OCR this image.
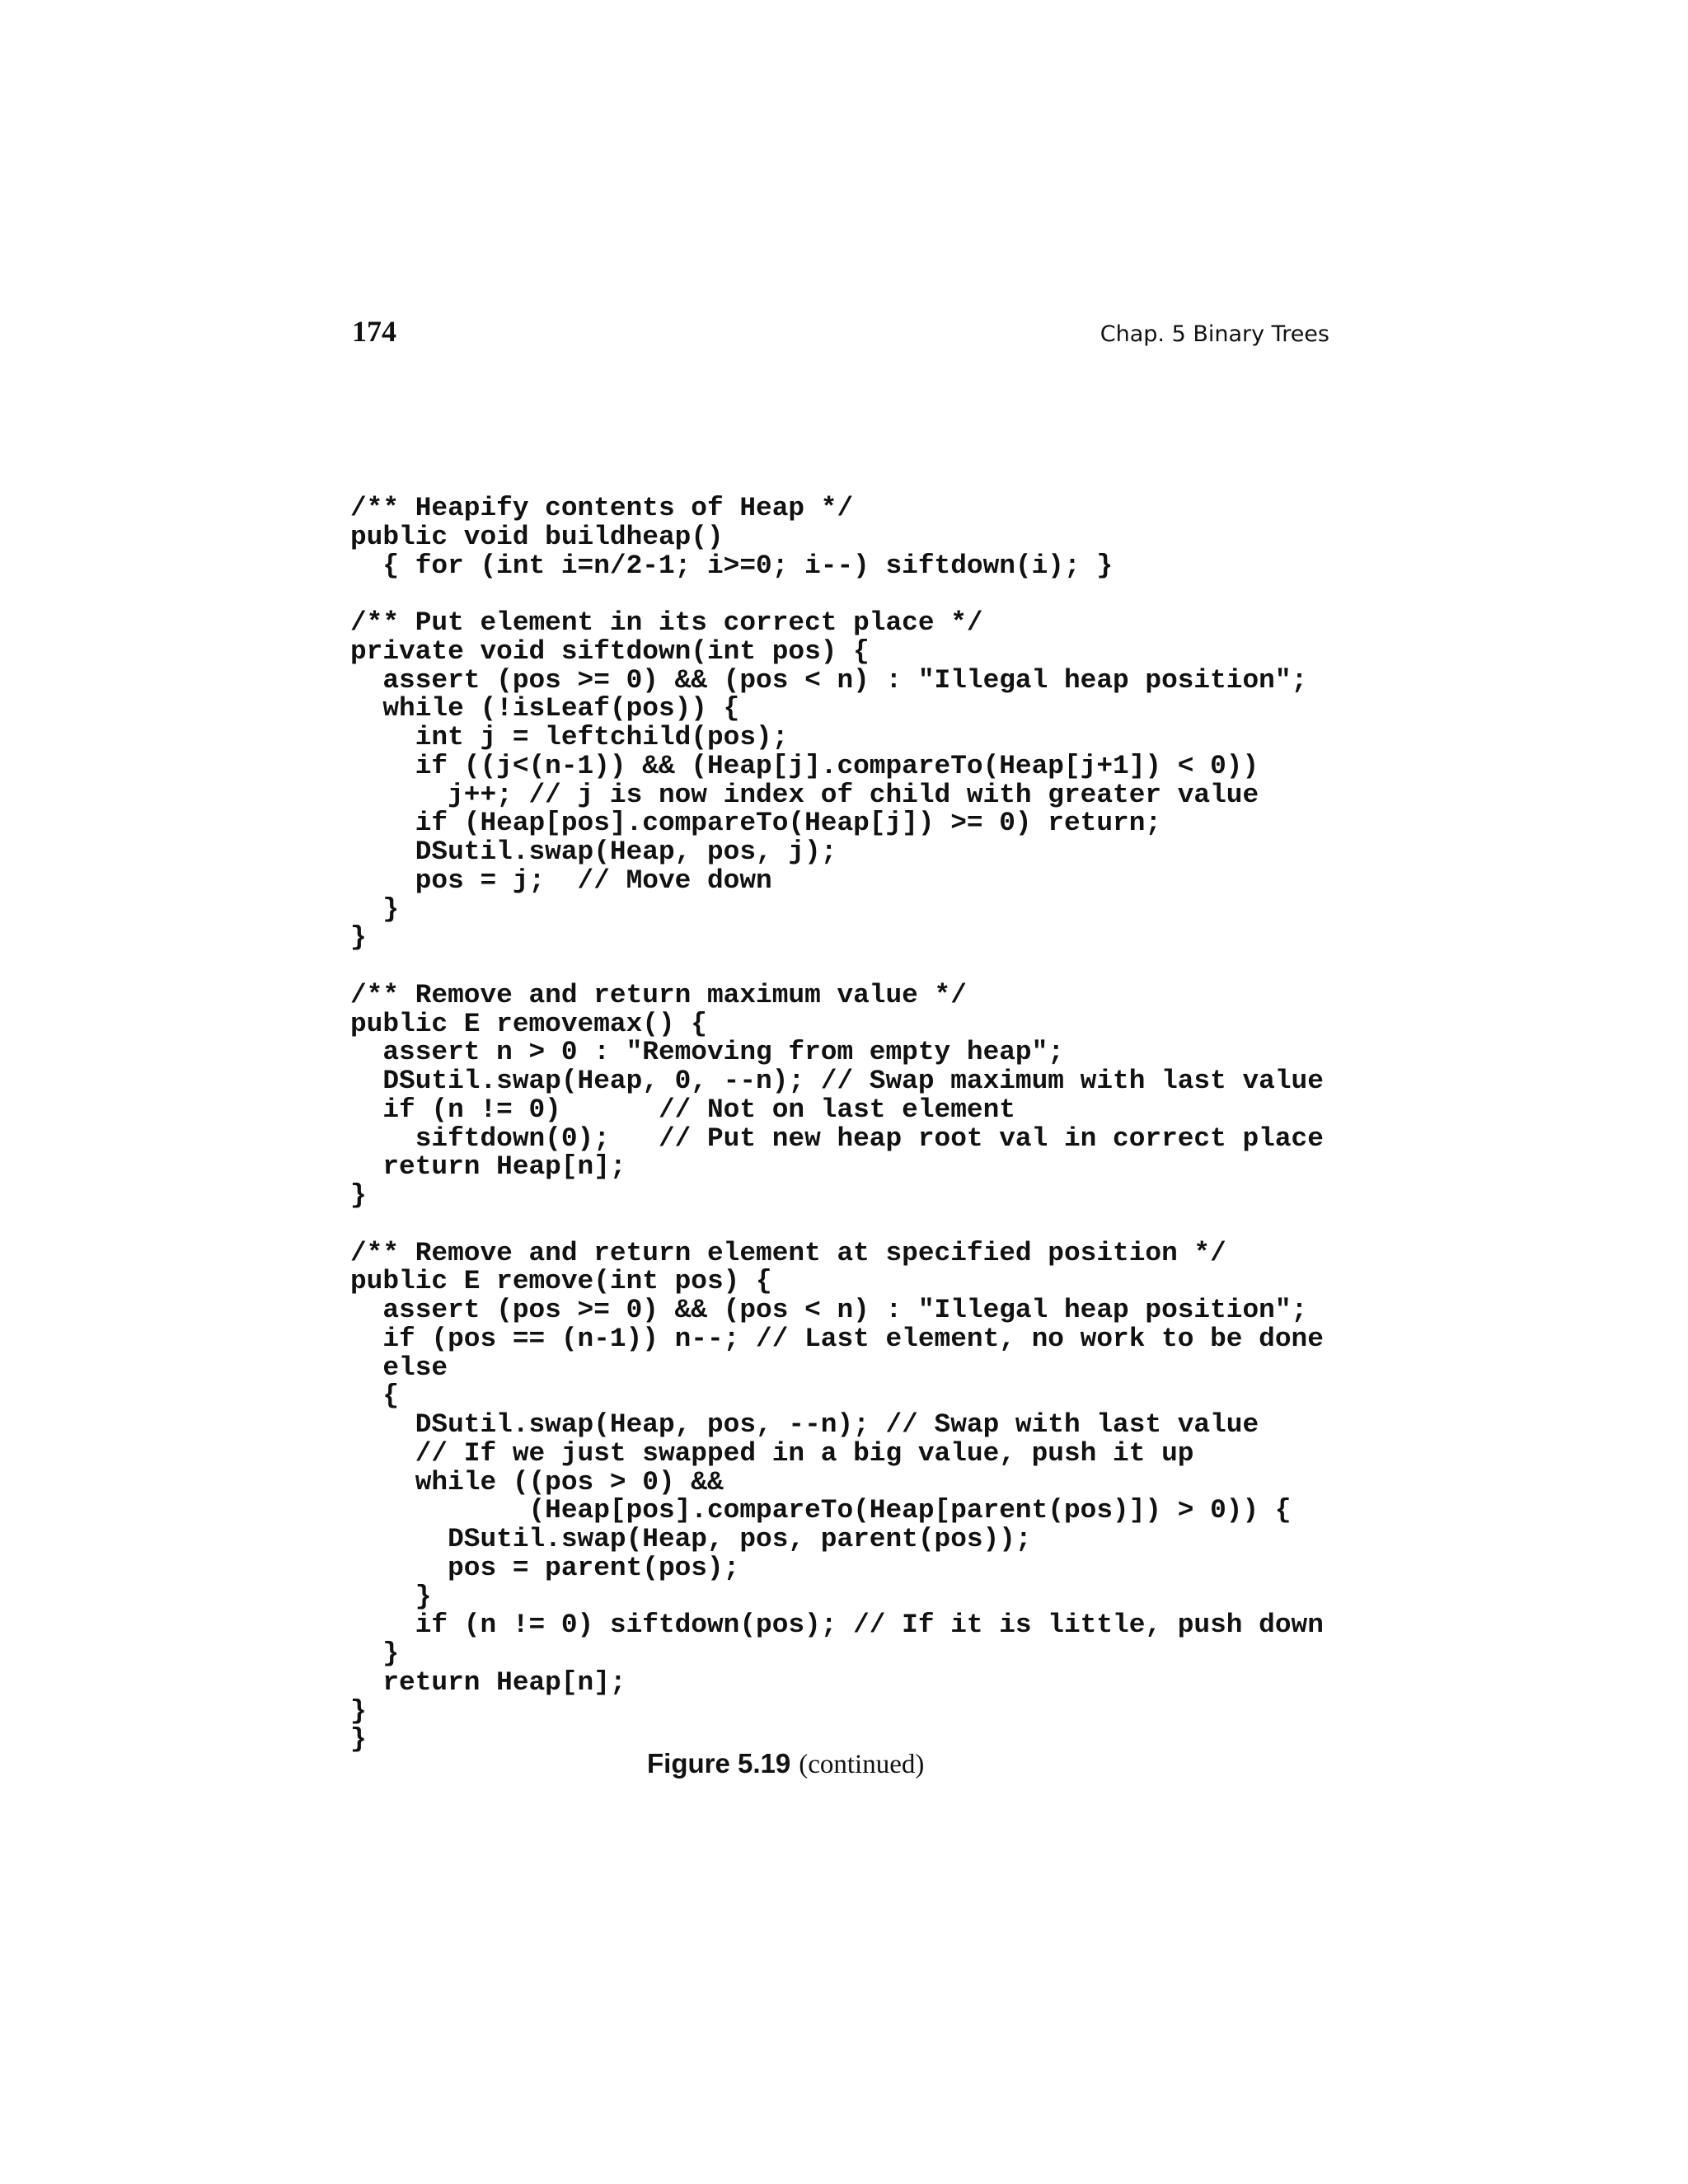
174	Chap. 5 Binary Trees
/** Heapify contents of Heap */
public void buildheap()
{ for (int i=n/2-1; i>=0; i--) siftdown(i); }
/** Put element in its correct place */
private void siftdown(int pos) {
assert (pos >= 0) && (pos < n) : "Illegal heap position";
while (!isLeaf(pos)) {
int j = leftchild(pos);
if ((j<(n-1)) && (Heap[j].compareTo(Heap[j+1]) < 0))
j++; // j is now index of child with greater value
if (Heap[pos].compareTo(Heap[j]) >= 0) return;
DSutil.swap(Heap, pos, j);
pos = j;  // Move down
}
}
/** Remove and return maximum value */
public E removemax() {
assert n > 0 : "Removing from empty heap";
DSutil.swap(Heap, 0, --n); // Swap maximum with last value
if (n != 0)      // Not on last element
siftdown(0);   // Put new heap root val in correct place
return Heap[n];
}
/** Remove and return element at specified position */
public E remove(int pos) {
assert (pos >= 0) && (pos < n) : "Illegal heap position";
if (pos == (n-1)) n--; // Last element, no work to be done
else
{
DSutil.swap(Heap, pos, --n); // Swap with last value
// If we just swapped in a big value, push it up
while ((pos > 0) &&
(Heap[pos].compareTo(Heap[parent(pos)]) > 0)) {
DSutil.swap(Heap, pos, parent(pos));
pos = parent(pos);
}
if (n != 0) siftdown(pos); // If it is little, push down
}
return Heap[n];
}
}
Figure 5.19 (continued)
